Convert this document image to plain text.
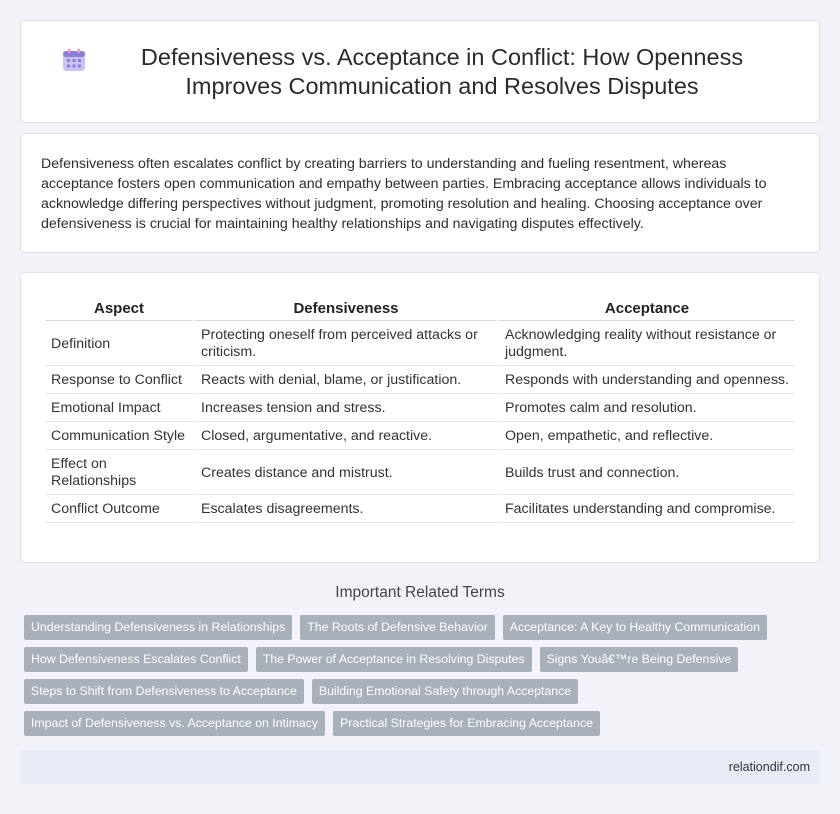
Defensiveness vs. Acceptance in Conflict: How Openness Improves Communication and Resolves Disputes

Defensiveness often escalates conflict by creating barriers to understanding and fueling resentment, whereas acceptance fosters open communication and empathy between parties. Embracing acceptance allows individuals to acknowledge differing perspectives without judgment, promoting resolution and healing. Choosing acceptance over defensiveness is crucial for maintaining healthy relationships and navigating disputes effectively.

Aspect	Defensiveness	Acceptance
Definition	Protecting oneself from perceived attacks or criticism.	Acknowledging reality without resistance or judgment.
Response to Conflict	Reacts with denial, blame, or justification.	Responds with understanding and openness.
Emotional Impact	Increases tension and stress.	Promotes calm and resolution.
Communication Style	Closed, argumentative, and reactive.	Open, empathetic, and reflective.
Effect on Relationships	Creates distance and mistrust.	Builds trust and connection.
Conflict Outcome	Escalates disagreements.	Facilitates understanding and compromise.
Important Related Terms
Understanding Defensiveness in Relationships	The Roots of Defensive Behavior	Acceptance: A Key to Healthy Communication
How Defensiveness Escalates Conflict	The Power of Acceptance in Resolving Disputes	Signs Youâ€™re Being Defensive
Steps to Shift from Defensiveness to Acceptance	Building Emotional Safety through Acceptance
Impact of Defensiveness vs. Acceptance on Intimacy	Practical Strategies for Embracing Acceptance
relationdif.com
